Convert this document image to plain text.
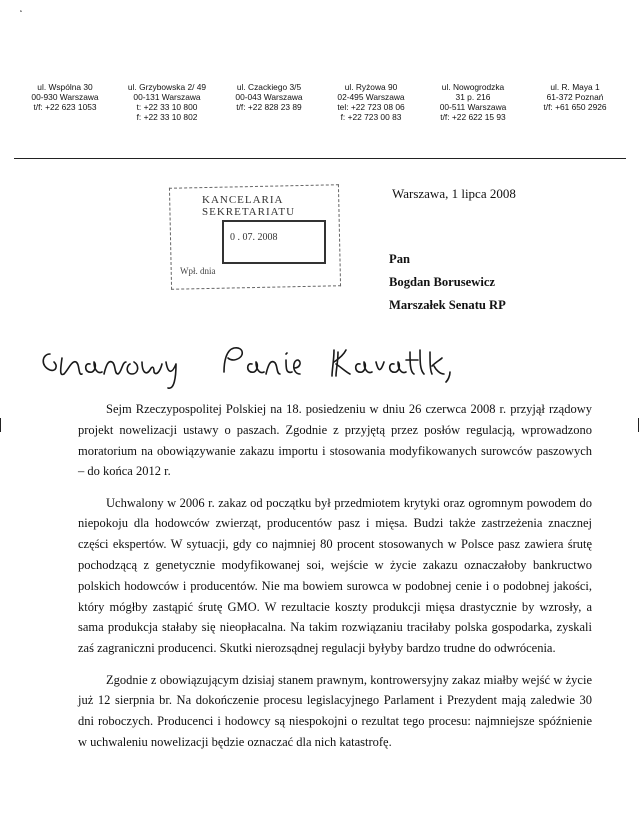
˛
ul. Wspólna 30
00-930 Warszawa
t/f: +22 623 1053
ul. Grzybowska 2/ 49
00-131 Warszawa
t: +22 33 10 800
f: +22 33 10 802
ul. Czackiego 3/5
00-043 Warszawa
t/f: +22 828 23 89
ul. Ryżowa 90
02-495 Warszawa
tel: +22 723 08 06
f: +22 723 00 83
ul. Nowogrodzka
31 p. 216
00-511 Warszawa
t/f: +22 622 15 93
ul. R. Maya 1
61-372 Poznań
t/f: +61 650 2926
KANCELARIA SEKRETARIATU
0 . 07. 2008
Wpł. dnia
Warszawa, 1 lipca 2008
Pan
Bogdan Borusewicz
Marszałek Senatu RP

Sejm Rzeczypospolitej Polskiej na 18. posiedzeniu w dniu 26 czerwca 2008 r. przyjął rządowy projekt nowelizacji ustawy o paszach. Zgodnie z przyjętą przez posłów regulacją, wprowadzono moratorium na obowiązywanie zakazu importu i stosowania modyfikowanych surowców paszowych – do końca 2012 r.

Uchwalony w 2006 r. zakaz od początku był przedmiotem krytyki oraz ogromnym powodem do niepokoju dla hodowców zwierząt, producentów pasz i mięsa. Budzi także zastrzeżenia znacznej części ekspertów. W sytuacji, gdy co najmniej 80 procent stosowanych w Polsce pasz zawiera śrutę pochodzącą z genetycznie modyfikowanej soi, wejście w życie zakazu oznaczałoby bankructwo polskich hodowców i producentów. Nie ma bowiem surowca w podobnej cenie i o podobnej jakości, który mógłby zastąpić śrutę GMO. W rezultacie koszty produkcji mięsa drastycznie by wzrosły, a sama produkcja stałaby się nieopłacalna. Na takim rozwiązaniu traciłaby polska gospodarka, zyskali zaś zagraniczni producenci. Skutki nierozsądnej regulacji byłyby bardzo trudne do odwrócenia.

Zgodnie z obowiązującym dzisiaj stanem prawnym, kontrowersyjny zakaz miałby wejść w życie już 12 sierpnia br. Na dokończenie procesu legislacyjnego Parlament i Prezydent mają zaledwie 30 dni roboczych. Producenci i hodowcy są niespokojni o rezultat tego procesu: najmniejsze spóźnienie w uchwaleniu nowelizacji będzie oznaczać dla nich katastrofę.
